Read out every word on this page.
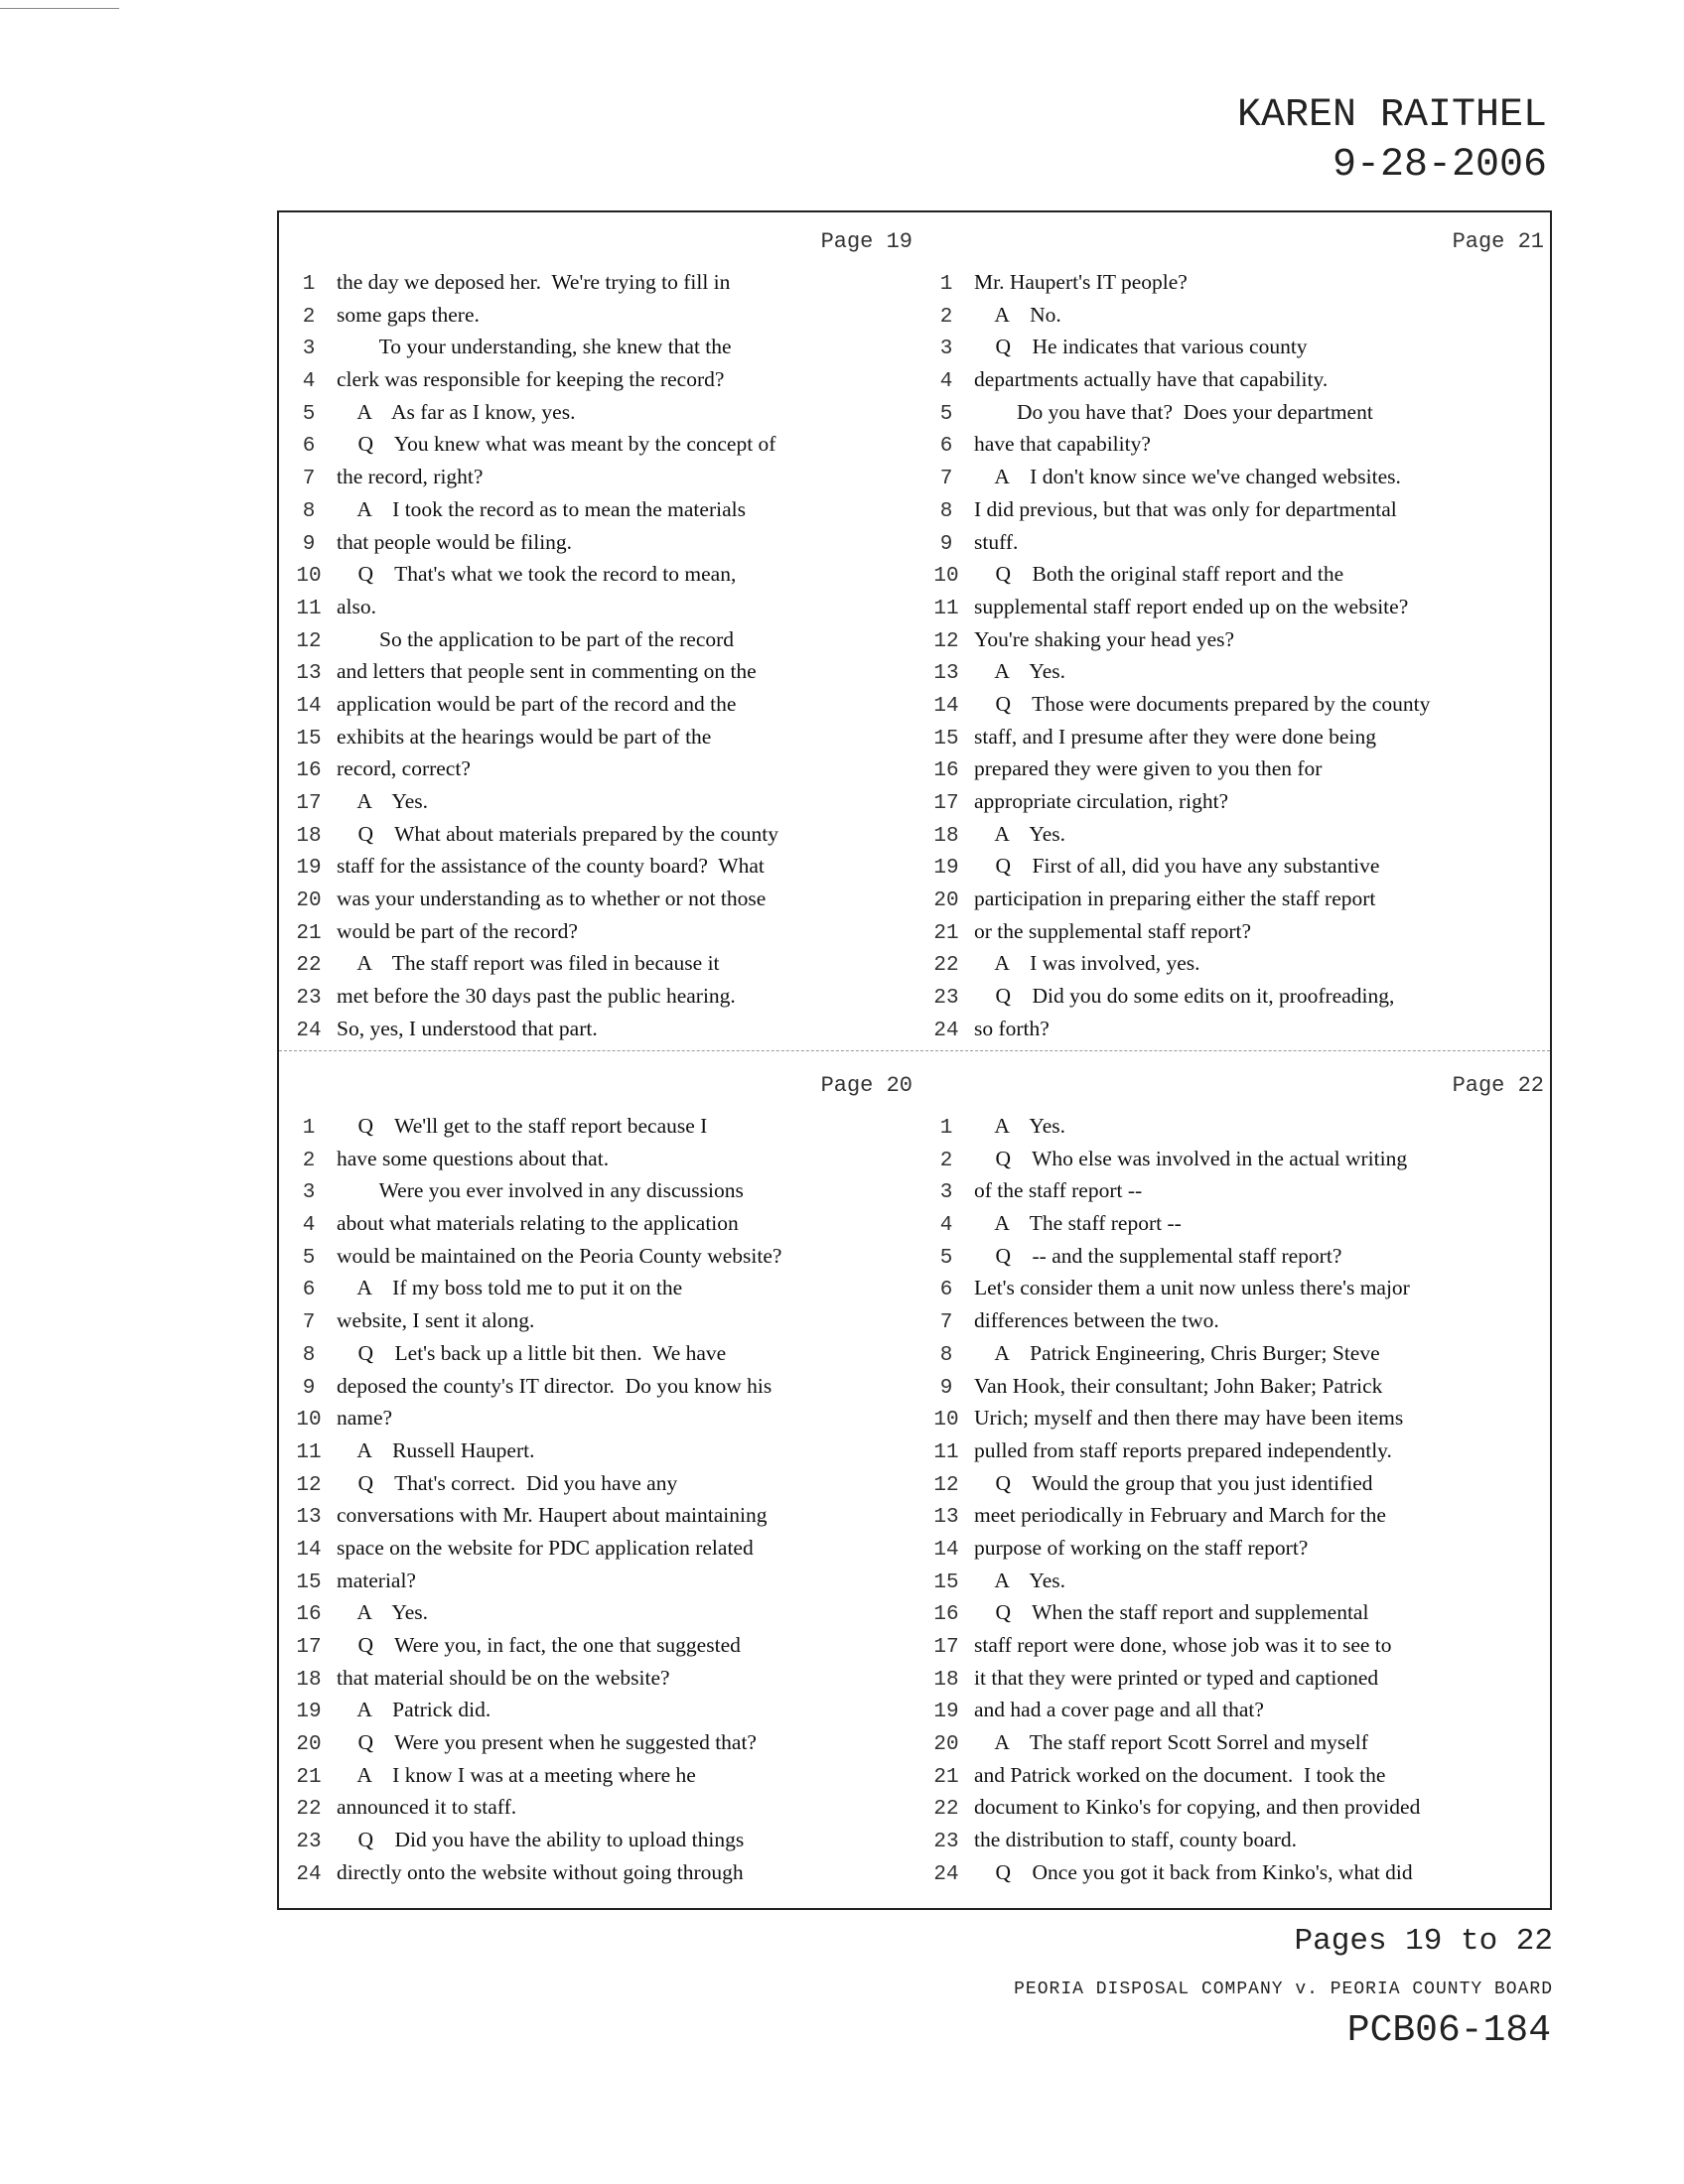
KAREN RAITHEL
9-28-2006
Page 19
1	the day we deposed her.  We're trying to fill in
2	some gaps there.
3	To your understanding, she knew that the
4	clerk was responsible for keeping the record?
5	A    As far as I know, yes.
6	Q    You knew what was meant by the concept of
7	the record, right?
8	A    I took the record as to mean the materials
9	that people would be filing.
10 Q    That's what we took the record to mean,
11 also.
12 So the application to be part of the record
13 and letters that people sent in commenting on the
14 application would be part of the record and the
15 exhibits at the hearings would be part of the
16 record, correct?
17 A    Yes.
18 Q    What about materials prepared by the county
19 staff for the assistance of the county board?  What
20 was your understanding as to whether or not those
21 would be part of the record?
22 A    The staff report was filed in because it
23 met before the 30 days past the public hearing.
24 So, yes, I understood that part.
Page 21
1	Mr. Haupert's IT people?
2	A    No.
3	Q    He indicates that various county
4	departments actually have that capability.
5	Do you have that?  Does your department
6	have that capability?
7	A    I don't know since we've changed websites.
8	I did previous, but that was only for departmental
9	stuff.
10 Q    Both the original staff report and the
11 supplemental staff report ended up on the website?
12 You're shaking your head yes?
13 A    Yes.
14 Q    Those were documents prepared by the county
15 staff, and I presume after they were done being
16 prepared they were given to you then for
17 appropriate circulation, right?
18 A    Yes.
19 Q    First of all, did you have any substantive
20 participation in preparing either the staff report
21 or the supplemental staff report?
22 A    I was involved, yes.
23 Q    Did you do some edits on it, proofreading,
24 so forth?
Page 20
1	Q    We'll get to the staff report because I
2	have some questions about that.
3	Were you ever involved in any discussions
4	about what materials relating to the application
5	would be maintained on the Peoria County website?
6	A    If my boss told me to put it on the
7	website, I sent it along.
8	Q    Let's back up a little bit then.  We have
9	deposed the county's IT director.  Do you know his
10 name?
11 A    Russell Haupert.
12 Q    That's correct.  Did you have any
13 conversations with Mr. Haupert about maintaining
14 space on the website for PDC application related
15 material?
16 A    Yes.
17 Q    Were you, in fact, the one that suggested
18 that material should be on the website?
19 A    Patrick did.
20 Q    Were you present when he suggested that?
21 A    I know I was at a meeting where he
22 announced it to staff.
23 Q    Did you have the ability to upload things
24 directly onto the website without going through
Page 22
1	A    Yes.
2	Q    Who else was involved in the actual writing
3	of the staff report --
4	A    The staff report --
5	Q    -- and the supplemental staff report?
6	Let's consider them a unit now unless there's major
7	differences between the two.
8	A    Patrick Engineering, Chris Burger; Steve
9	Van Hook, their consultant; John Baker; Patrick
10 Urich; myself and then there may have been items
11 pulled from staff reports prepared independently.
12 Q    Would the group that you just identified
13 meet periodically in February and March for the
14 purpose of working on the staff report?
15 A    Yes.
16 Q    When the staff report and supplemental
17 staff report were done, whose job was it to see to
18 it that they were printed or typed and captioned
19 and had a cover page and all that?
20 A    The staff report Scott Sorrel and myself
21 and Patrick worked on the document.  I took the
22 document to Kinko's for copying, and then provided
23 the distribution to staff, county board.
24 Q    Once you got it back from Kinko's, what did
Pages 19 to 22
PEORIA DISPOSAL COMPANY v. PEORIA COUNTY BOARD
PCB06-184
